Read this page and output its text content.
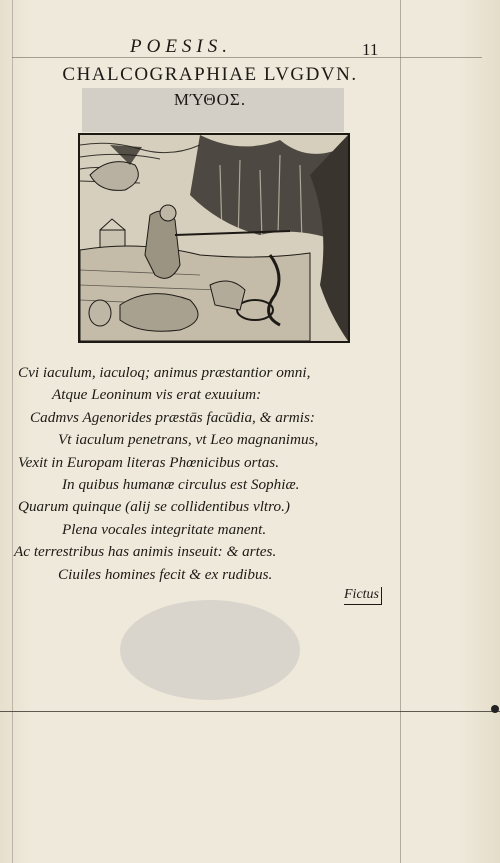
POESIS.	11
CHALCOGRAPHIAE LVGDVN.
ΜΎΘΟΣ.
Cvi iaculum, iaculoq; animus præstantior omni,
Atque Leoninum vis erat exuuium:
Cadmvs Agenorides præstās facūdia, & armis:
Vt iaculum penetrans, vt Leo magnanimus,
Vexit in Europam literas Phœnicibus ortas.
In quibus humanæ circulus est Sophiæ.
Quarum quinque (alij se collidentibus vltro.)
Plena vocales integritate manent.
Ac terrestribus has animis inseuit: & artes.
Ciuiles homines fecit & ex rudibus.
Fictus
